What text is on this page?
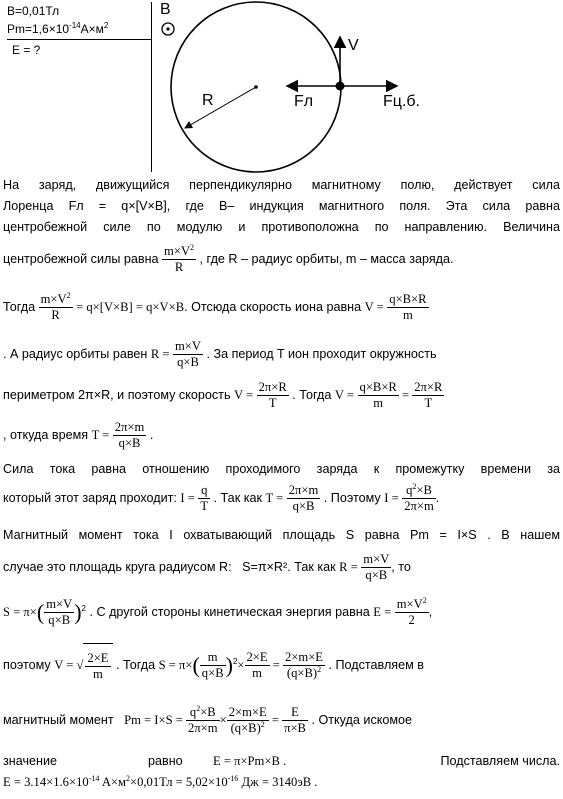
B=0,01Тл
$Pm=1,6\times 10^{-14}A\times м^2$
E = ?
B
V
R	Fл	Fц.б.
На заряд, движущийся перпендикулярно магнитному полю, действует сила
Лоренца Fл = q×[V×B], где B– индукция магнитного поля. Эта сила равна
центробежной силе по модулю и противоположна по направлению. Величина
центробежной силы равна $\frac{m\times V^2}{R}$ , где R – радиус орбиты, m – масса заряда.
Тогда $\frac{m\times V^2}{R} = q\times[V\times B] = q\times V\times B$. Отсюда скорость иона равна $V = \frac{q\times B\times R}{m}$
. А радиус орбиты равен $R = \frac{m\times V}{q\times B}$ . За период T ион проходит окружность
периметром 2π×R, и поэтому скорость $V = \frac{2\pi\times R}{T}$ . Тогда $V = \frac{q\times B\times R}{m} = \frac{2\pi\times R}{T}$
, откуда время $T = \frac{2\pi\times m}{q\times B}$ .
Сила тока равна отношению проходимого заряда к промежутку времени за
который этот заряд проходит: $I = \frac{q}{T}$ . Так как $T = \frac{2\pi\times m}{q\times B}$ . Поэтому $I = \frac{q^2\times B}{2\pi\times m}$ .
Магнитный момент тока I охватывающий площадь S равна Pm = I×S . В нашем
случае это площадь круга радиусом R: S=π×R². Так как $R = \frac{m\times V}{q\times B}$ , то
$S = \pi\times( \frac{m\times V}{q\times B} )^2$ . С другой стороны кинетическая энергия равна $E = \frac{m\times V^2}{2}$ ,
поэтому V = √ $\frac{2\times E}{m}$ . Тогда $S = \pi\times( \frac{m}{q\times B} )^2\times \frac{2\times E}{m} = \frac{2\times m\times E}{(q\times B)^2}$ . Подставляем в
магнитный момент $Pm = I\times S = \frac{q^2\times B}{2\pi\times m} \times \frac{2\times m\times E}{(q\times B)^2} = \frac{E}{\pi\times B}$ . Откуда искомое
значение	равно E = π×Pm×B .	Подставляем числа.
$E = 3.14\times 1.6\times 10^{-14}$ $A\times м^2\times 0,01Тл = 5,02\times 10^{-16}$ Дж = 3140эВ .
